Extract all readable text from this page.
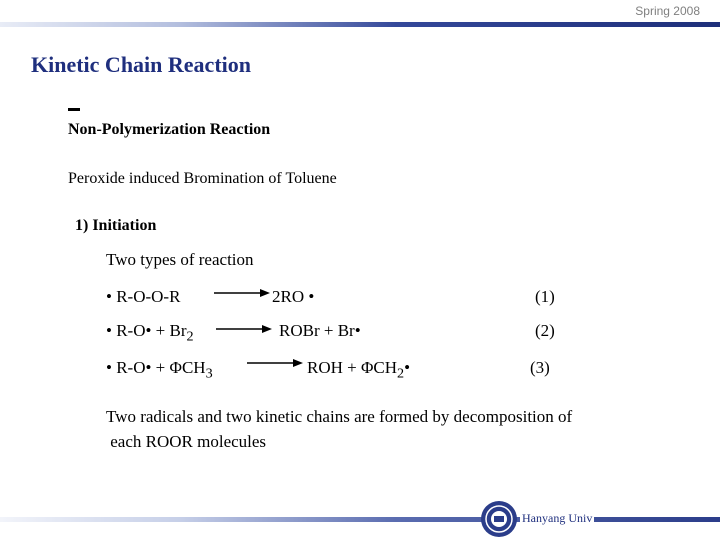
Spring 2008
Kinetic Chain Reaction
Non-Polymerization Reaction
Peroxide induced Bromination of Toluene
1) Initiation
Two types of reaction
• R-O-O-R → 2RO •	(1)
• R-O• + $Br_2$ → ROBr + Br•	(2)
• R-O• + $\Phi CH_3$ → ROH + $\Phi CH_2•$	(3)
Two radicals and two kinetic chains are formed by decomposition of
each ROOR molecules
Hanyang Univ
